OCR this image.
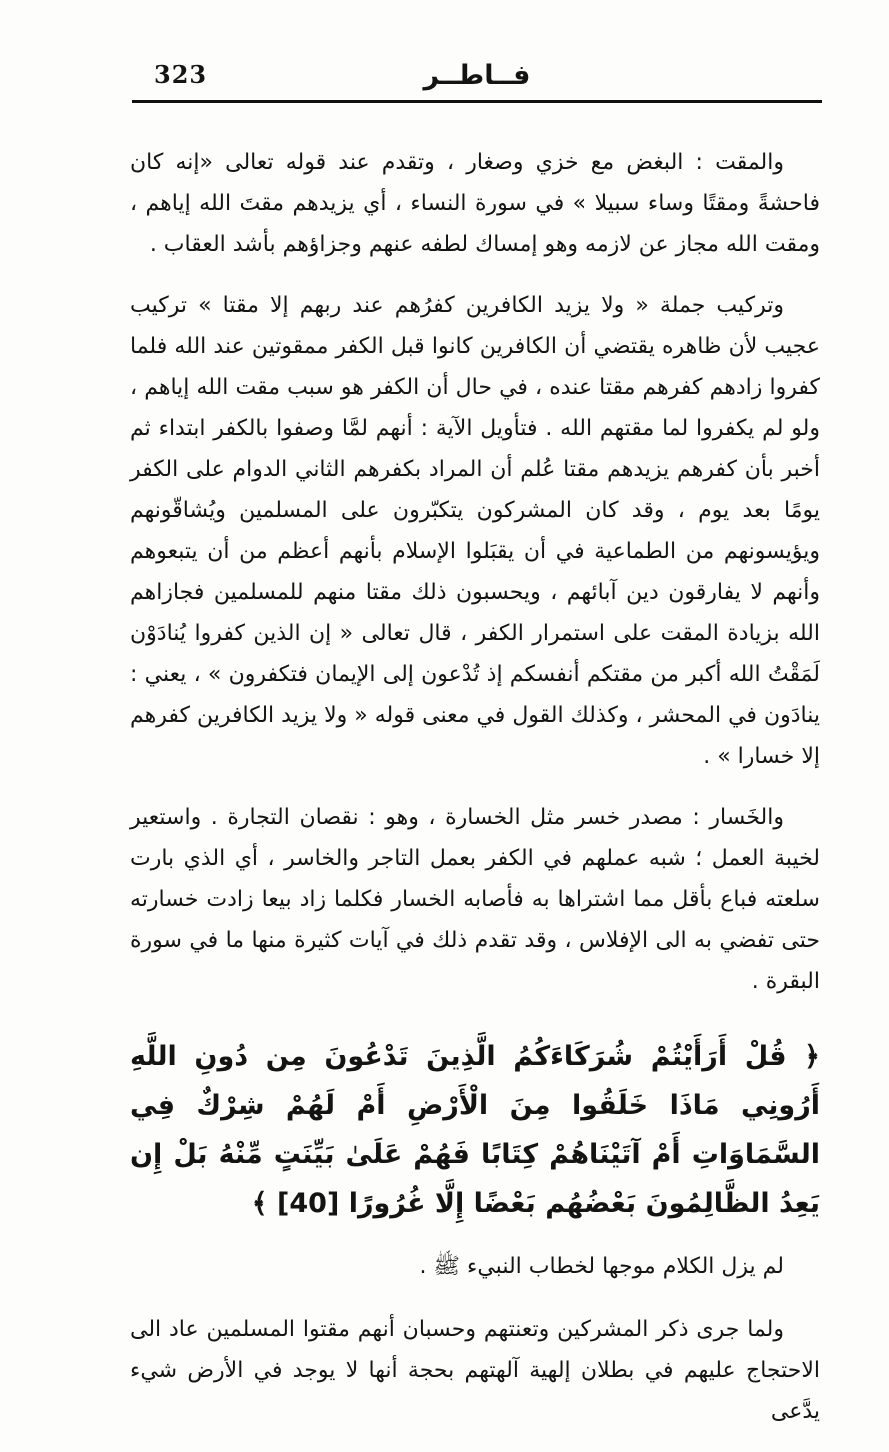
323	فــاطــر

والمقت : البغض مع خزي وصغار ، وتقدم عند قوله تعالى «إنه كان فاحشةً ومقتًا وساء سبيلا » في سورة النساء ، أي يزيدهم مقتَ الله إياهم ، ومقت الله مجاز عن لازمه وهو إمساك لطفه عنهم وجزاؤهم بأشد العقاب .

وتركيب جملة « ولا يزيد الكافرين كفرُهم عند ربهم إلا مقتا » تركيب عجيب لأن ظاهره يقتضي أن الكافرين كانوا قبل الكفر ممقوتين عند الله فلما كفروا زادهم كفرهم مقتا عنده ، في حال أن الكفر هو سبب مقت الله إياهم ، ولو لم يكفروا لما مقتهم الله . فتأويل الآية : أنهم لمَّا وصفوا بالكفر ابتداء ثم أخبر بأن كفرهم يزيدهم مقتا عُلم أن المراد بكفرهم الثاني الدوام على الكفر يومًا بعد يوم ، وقد كان المشركون يتكبّرون على المسلمين ويُشاقّونهم ويؤيسونهم من الطماعية في أن يقبَلوا الإسلام بأنهم أعظم من أن يتبعوهم وأنهم لا يفارقون دين آبائهم ، ويحسبون ذلك مقتا منهم للمسلمين فجازاهم الله بزيادة المقت على استمرار الكفر ، قال تعالى « إن الذين كفروا يُنادَوْن لَمَقْتُ الله أكبر من مقتكم أنفسكم إذ تُدْعون إلى الإيمان فتكفرون » ، يعني : ينادَون في المحشر ، وكذلك القول في معنى قوله « ولا يزيد الكافرين كفرهم إلا خسارا » .

والخَسار : مصدر خسر مثل الخسارة ، وهو : نقصان التجارة . واستعير لخيبة العمل ؛ شبه عملهم في الكفر بعمل التاجر والخاسر ، أي الذي بارت سلعته فباع بأقل مما اشتراها به فأصابه الخسار فكلما زاد بيعا زادت خسارته حتى تفضي به الى الإفلاس ، وقد تقدم ذلك في آيات كثيرة منها ما في سورة البقرة .

﴿ قُلْ أَرَأَيْتُمْ شُرَكَاءَكُمُ الَّذِينَ تَدْعُونَ مِن دُونِ اللَّهِ أَرُونِي مَاذَا خَلَقُوا مِنَ الْأَرْضِ أَمْ لَهُمْ شِرْكٌ فِي السَّمَاوَاتِ أَمْ آتَيْنَاهُمْ كِتَابًا فَهُمْ عَلَىٰ بَيِّنَتٍ مِّنْهُ بَلْ إِن يَعِدُ الظَّالِمُونَ بَعْضُهُم بَعْضًا إِلَّا غُرُورًا [40] ﴾

لم يزل الكلام موجها لخطاب النبيء ﷺ .

ولما جرى ذكر المشركين وتعنتهم وحسبان أنهم مقتوا المسلمين عاد الى الاحتجاج عليهم في بطلان إلهية آلهتهم بحجة أنها لا يوجد في الأرض شيء يدَّعى
